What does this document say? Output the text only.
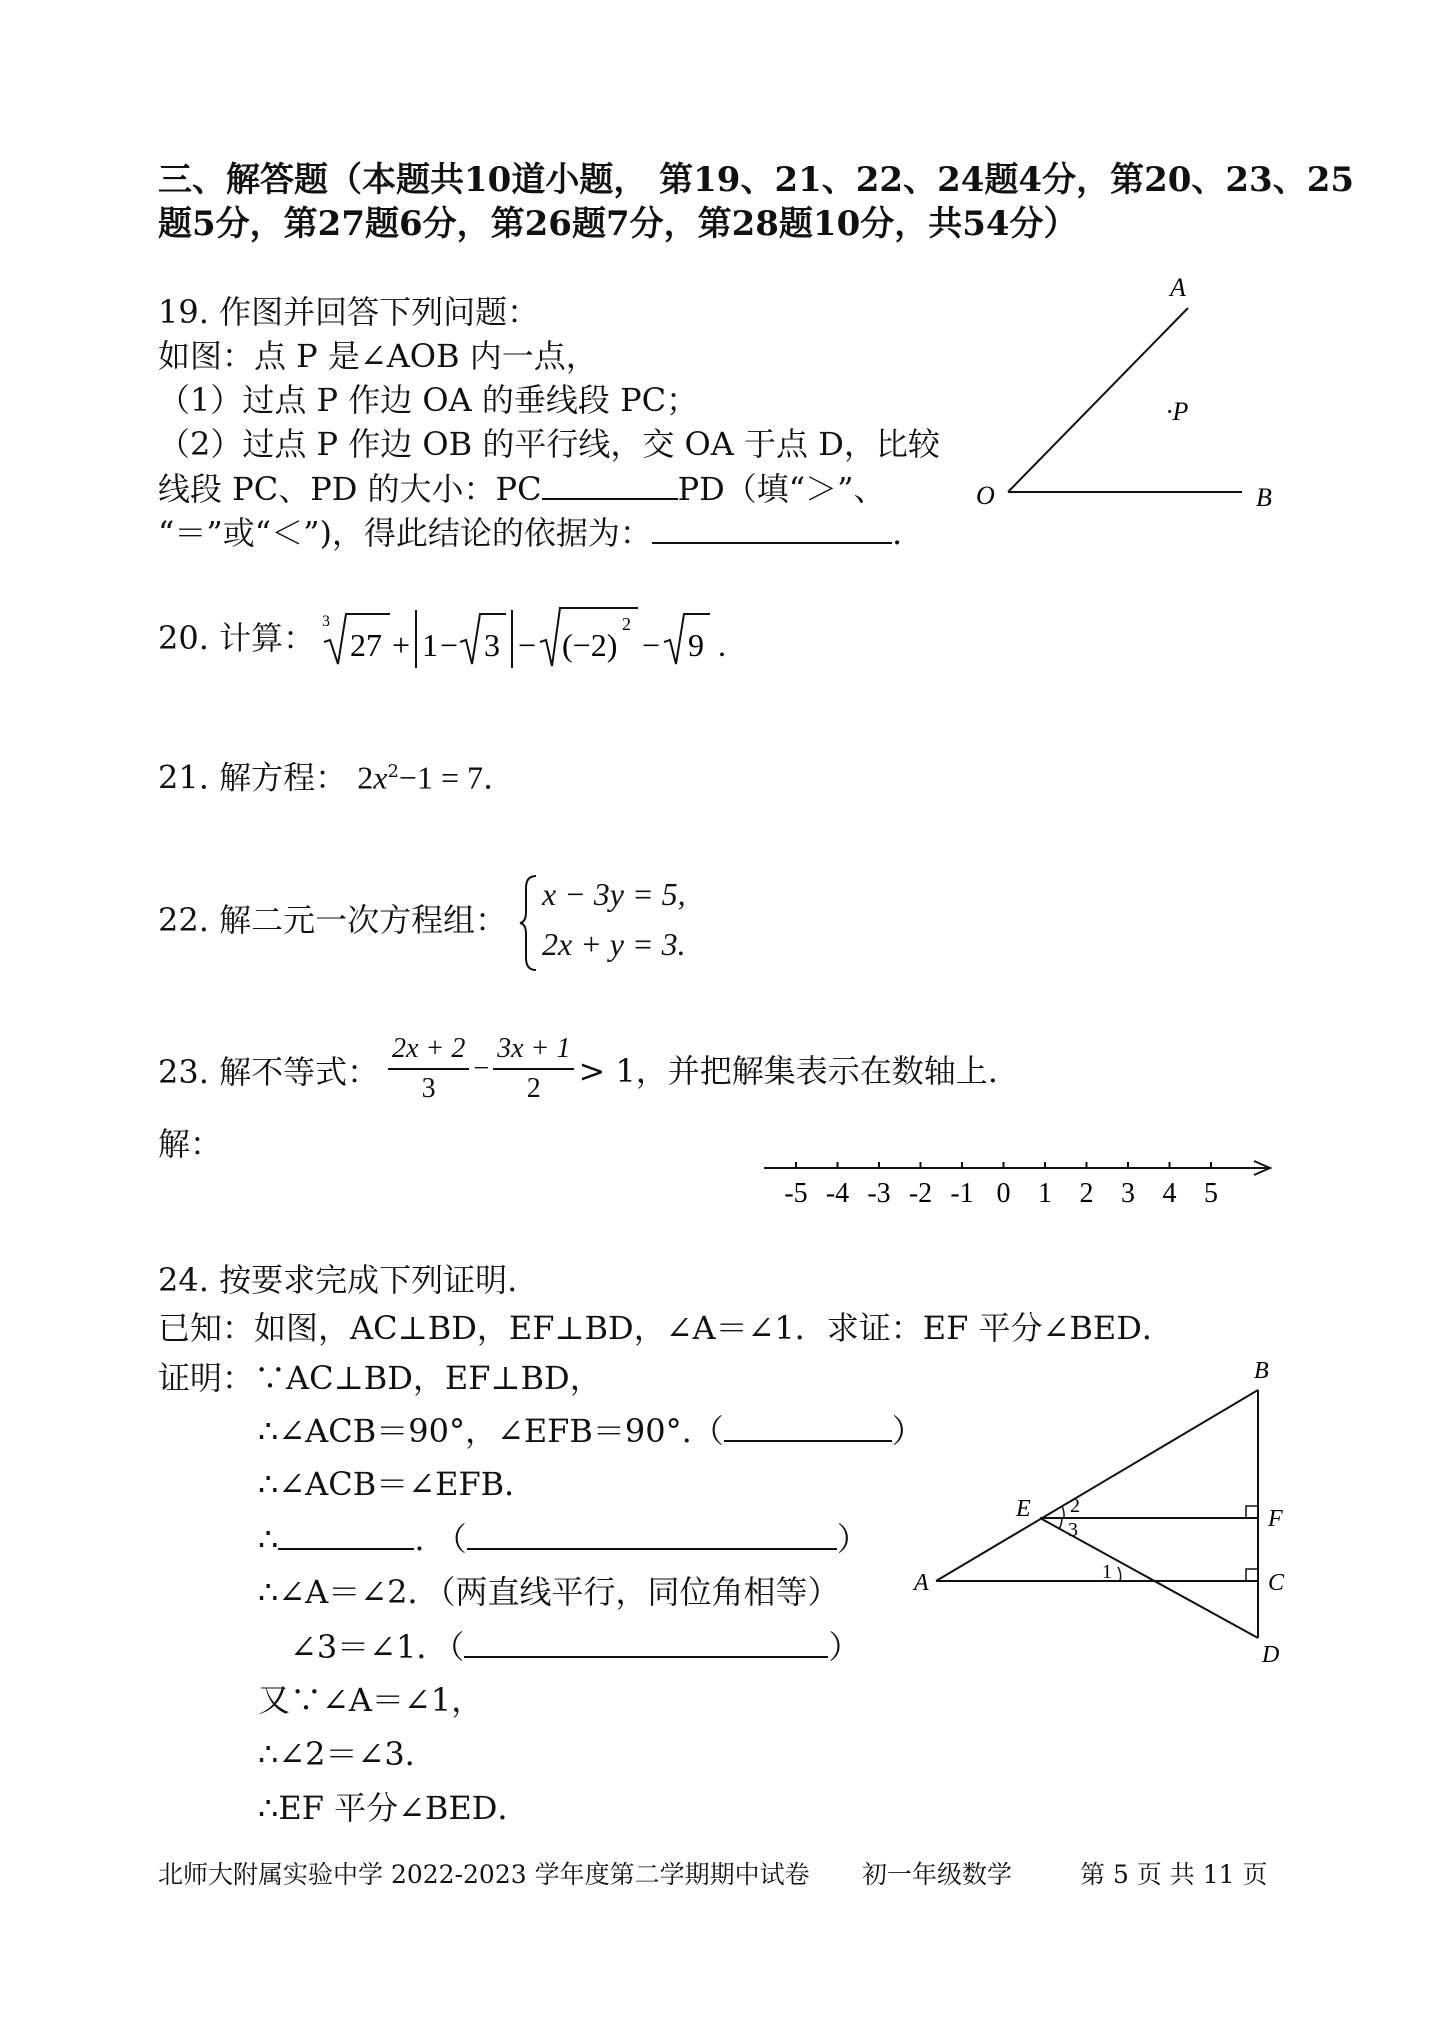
三、解答题（本题共10道小题， 第19、21、22、24题4分，第20、23、25
题5分，第27题6分，第26题7分，第28题10分，共54分）
19. 作图并回答下列问题：
如图：点 P 是∠AOB 内一点，
（1）过点 P 作边 OA 的垂线段 PC；
（2）过点 P 作边 OB 的平行线，交 OA 于点 D，比较
线段 PC、PD 的大小：PC	PD（填“＞”、
“＝”或“＜”)，得此结论的依据为：	.
A
·P
O	B
20. 计算： 3
27 + 1 − 3 − (−2)
2
− 9 .
21. 解方程： $2x^2-1 = 7$.
22. 解二元一次方程组：
x − 3y = 5,
2x + y = 3.
23. 解不等式： $\frac{2x + 2}{3} - \frac{3x + 1}{2} > 1$，并把解集表示在数轴上.
解：
-5 -4 -3 -2 -1 0 1 2 3 4 5
24. 按要求完成下列证明.
已知：如图，AC⊥BD，EF⊥BD，∠A＝∠1．求证：EF 平分∠BED．
证明：∵AC⊥BD，EF⊥BD，
∴∠ACB＝90°，∠EFB＝90°.（	）
∴∠ACB＝∠EFB．
∴	. （	）
∴∠A＝∠2．（两直线平行，同位角相等）
∠3＝∠1．（	）
又∵∠A＝∠1，
∴∠2＝∠3．
∴EF 平分∠BED．
B
E	F
A	C
D
1
2
3
北师大附属实验中学 2022-2023 学年度第二学期期中试卷 初一年级数学	第 5 页 共 11 页
